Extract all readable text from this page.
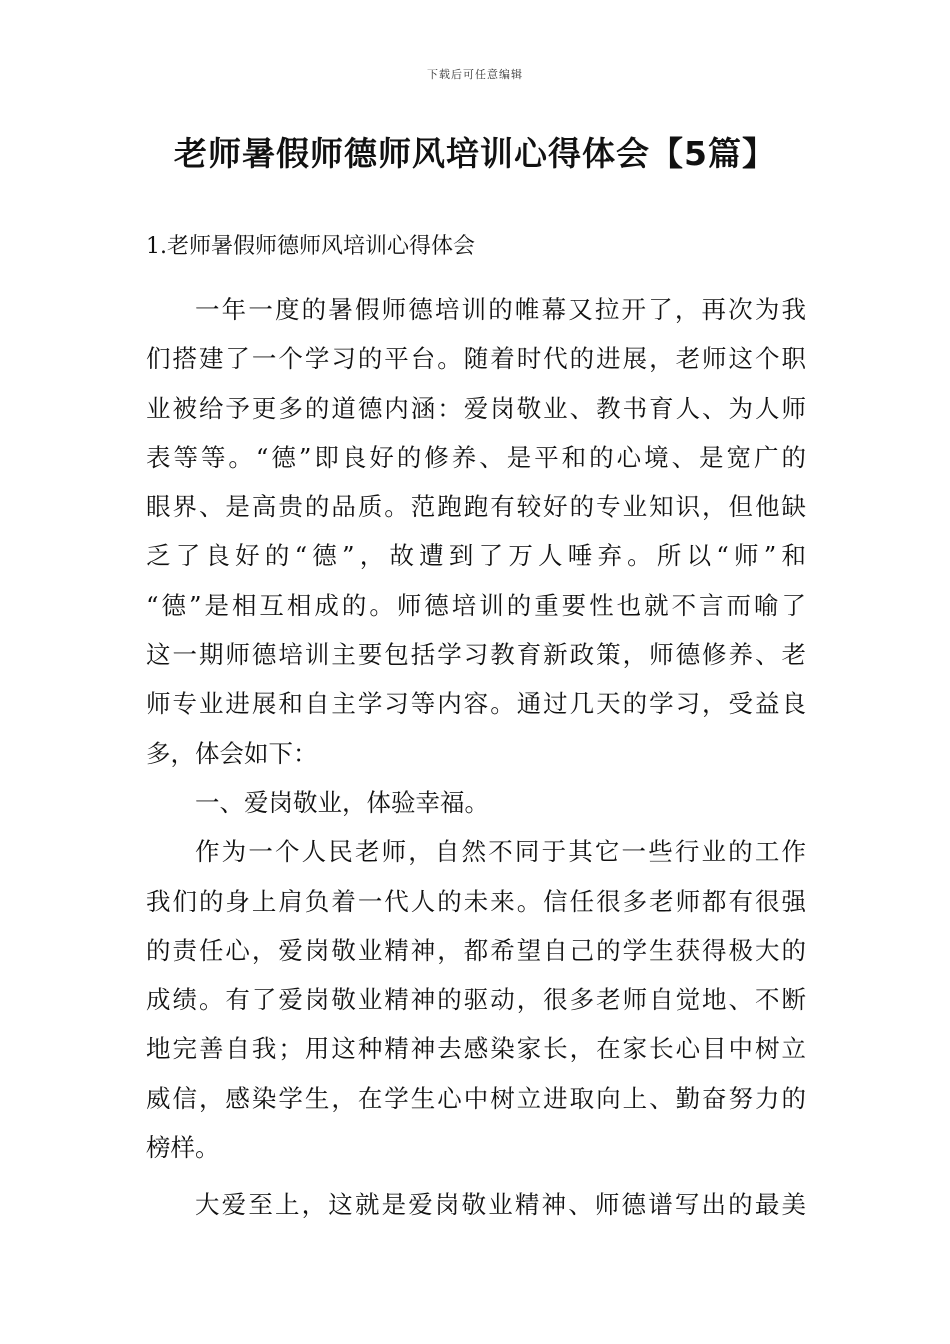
下载后可任意编辑
老师暑假师德师风培训心得体会【5篇】

1.老师暑假师德师风培训心得体会

一年一度的暑假师德培训的帷幕又拉开了，再次为我
们搭建了一个学习的平台。随着时代的进展，老师这个职
业被给予更多的道德内涵：爱岗敬业、教书育人、为人师
表等等。“德”即良好的修养、是平和的心境、是宽广的
眼界、是高贵的品质。范跑跑有较好的专业知识，但他缺
乏了良好的“德”，故遭到了万人唾弃。所以“师”和
“德”是相互相成的。师德培训的重要性也就不言而喻了
这一期师德培训主要包括学习教育新政策，师德修养、老
师专业进展和自主学习等内容。通过几天的学习，受益良
多，体会如下：
一、爱岗敬业，体验幸福。
作为一个人民老师，自然不同于其它一些行业的工作
我们的身上肩负着一代人的未来。信任很多老师都有很强
的责任心，爱岗敬业精神，都希望自己的学生获得极大的
成绩。有了爱岗敬业精神的驱动，很多老师自觉地、不断
地完善自我；用这种精神去感染家长，在家长心目中树立
威信，感染学生，在学生心中树立进取向上、勤奋努力的
榜样。
大爱至上，这就是爱岗敬业精神、师德谱写出的最美
